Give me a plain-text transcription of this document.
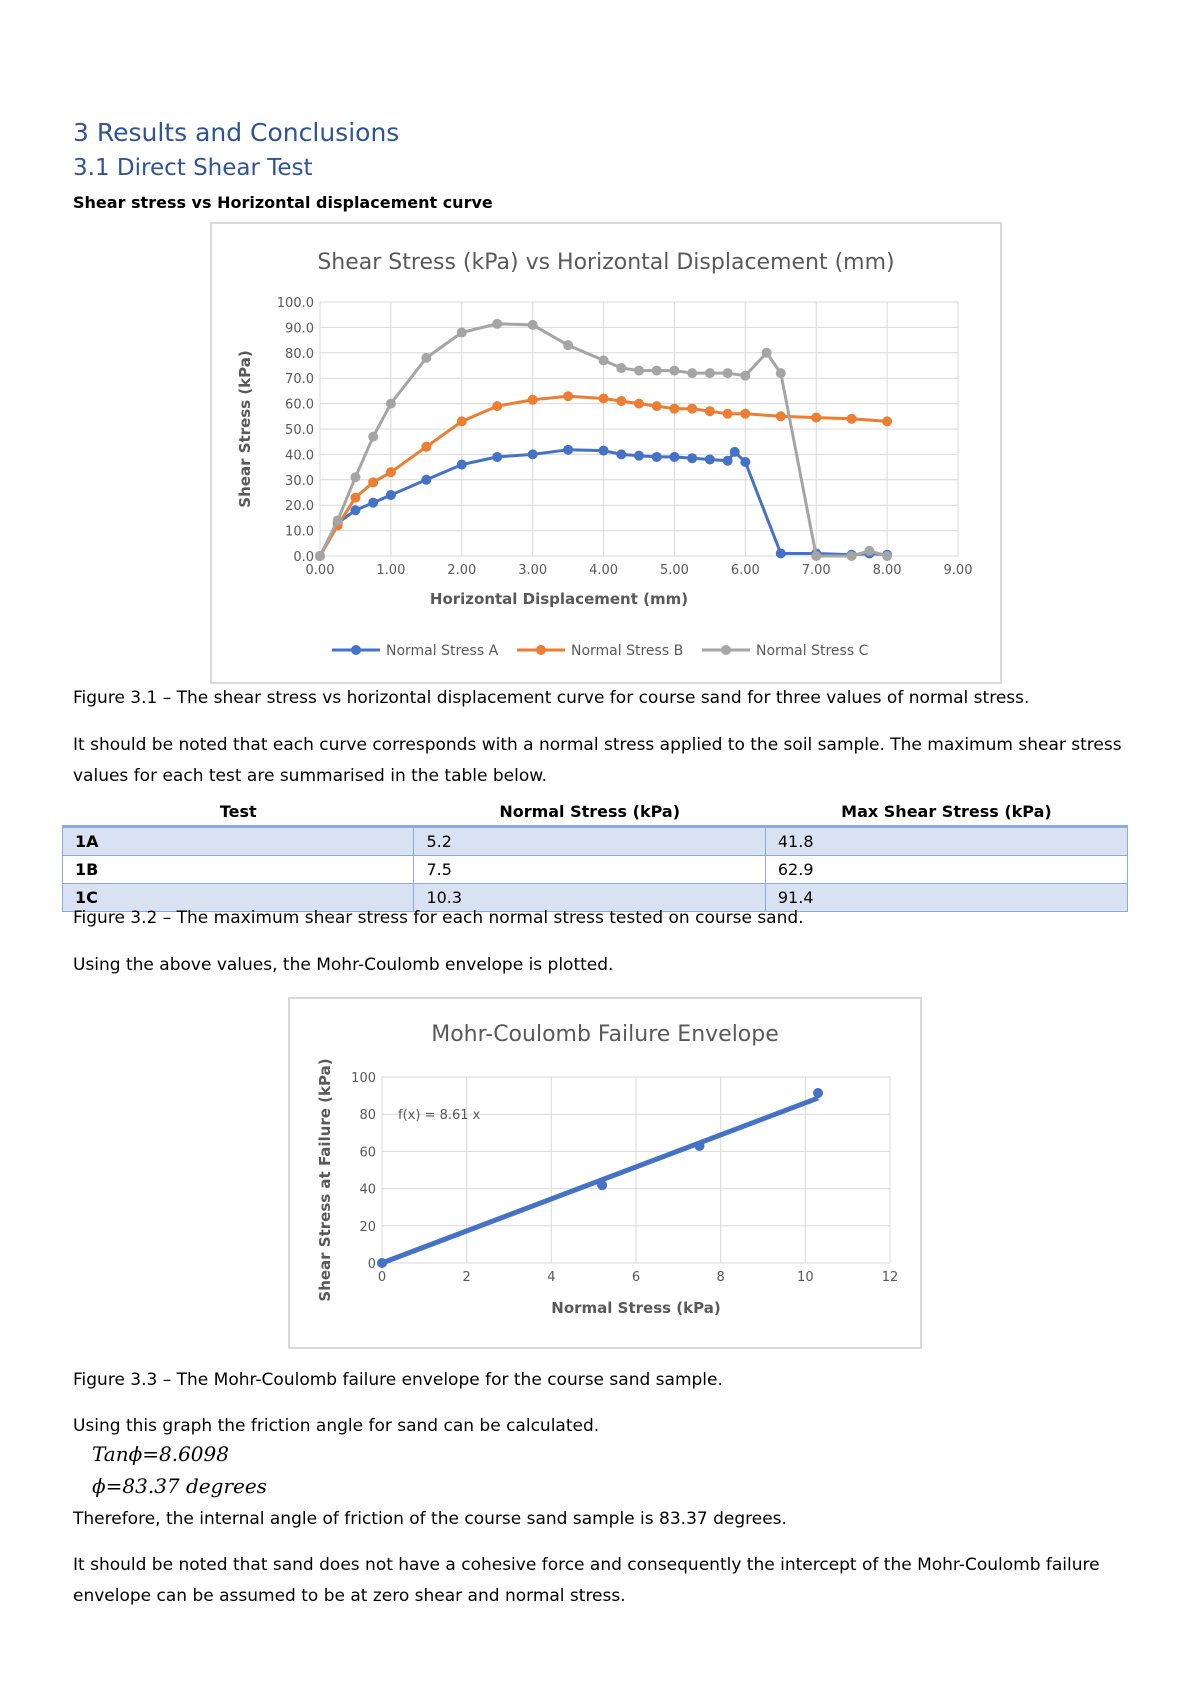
3 Results and Conclusions
3.1 Direct Shear Test
Shear stress vs Horizontal displacement curve
Shear Stress (kPa) vs Horizontal Displacement (mm)
0.0
10.0
20.0
30.0
40.0
50.0
60.0
70.0
80.0
90.0
100.0
0.00	1.00	2.00	3.00	4.00	5.00	6.00	7.00	8.00	9.00
Horizontal Displacement (mm)
Shear Stress (kPa)
Normal Stress A	Normal Stress B	Normal Stress C
Figure 3.1 – The shear stress vs horizontal displacement curve for course sand for three values of normal stress.
It should be noted that each curve corresponds with a normal stress applied to the soil sample. The maximum shear stress values for each test are summarised in the table below.
Test	Normal Stress (kPa)	Max Shear Stress (kPa)
1A	5.2	41.8
1B	7.5	62.9
1C	10.3	91.4
Figure 3.2 – The maximum shear stress for each normal stress tested on course sand.
Using the above values, the Mohr-Coulomb envelope is plotted.
Mohr-Coulomb Failure Envelope
0
20
40
60
80
100
0	2	4	6	8	10	12
Normal Stress (kPa)
Shear Stress at Failure (kPa)	f(x) = 8.61 x
Figure 3.3 – The Mohr-Coulomb failure envelope for the course sand sample.
Using this graph the friction angle for sand can be calculated.
Tanϕ=8.6098
ϕ=83.37 degrees
Therefore, the internal angle of friction of the course sand sample is 83.37 degrees.
It should be noted that sand does not have a cohesive force and consequently the intercept of the Mohr-Coulomb failure envelope can be assumed to be at zero shear and normal stress.
